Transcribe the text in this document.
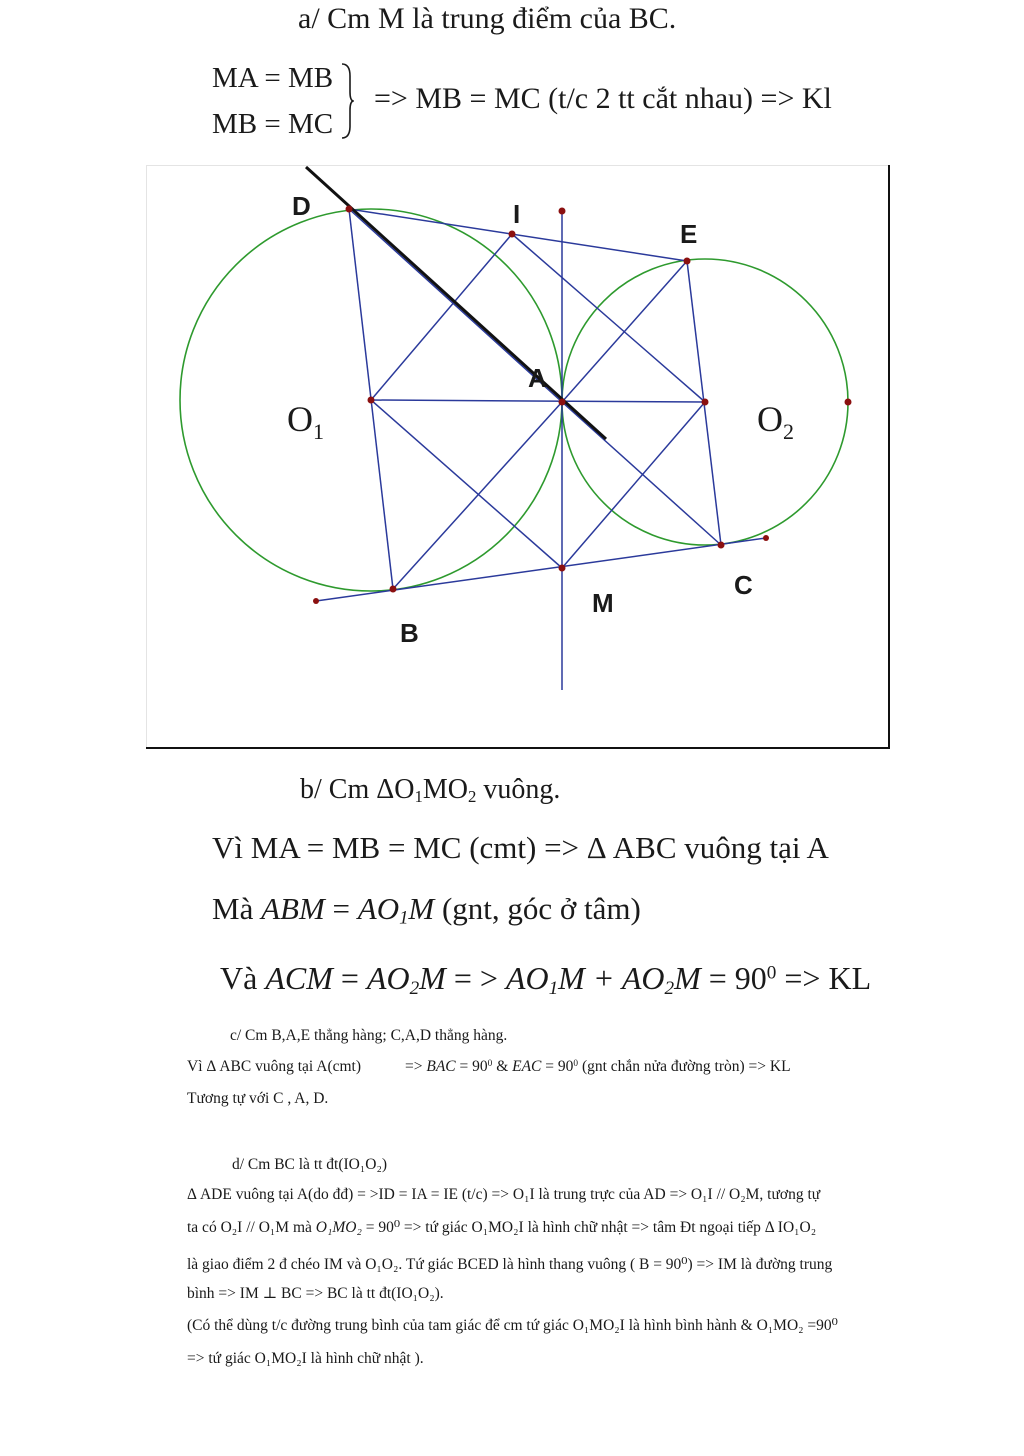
a/ Cm M là trung điểm của BC.
MA = MB
MB = MC
=> MB = MC (t/c 2 tt cắt nhau) => Kl
D	I
E
A
$O_1$	$O_2$
B
M
C
b/ Cm $\Delta O_1MO_2$ vuông.
Vì MA = MB = MC (cmt) => Δ ABC vuông tại A
Mà ABM = $AO_1M$ (gnt, góc ở tâm)
Và ACM = $AO_2M$ = > $AO_1M + AO_2M = 90^0$ => KL
c/ Cm B,A,E thẳng hàng; C,A,D thẳng hàng.
Vì Δ ABC vuông tại A(cmt)	=> BAC = $90^0$ & EAC = $90^0$ (gnt chắn nửa đường tròn) => KL
Tương tự với C , A, D.
d/ Cm BC là tt đt(IO₁O₂)
Δ ADE vuông tại A(do đđ) = >ID = IA = IE (t/c) => O₁I là trung trực của AD => O₁I // O₂M, tương tự
ta có O₂I // O₁M mà O₁MO₂ = 90⁰ => tứ giác O₁MO₂I là hình chữ nhật => tâm Đt ngoại tiếp Δ IO₁O₂
là giao điểm 2 đ chéo IM và O₁O₂. Tứ giác BCED là hình thang vuông ( B = 90⁰) => IM là đường trung
bình => IM ⊥ BC => BC là tt đt(IO₁O₂).
(Có thể dùng t/c đường trung bình của tam giác để cm tứ giác O₁MO₂I là hình bình hành & O₁MO₂ =90⁰
=> tứ giác O₁MO₂I là hình chữ nhật ).
